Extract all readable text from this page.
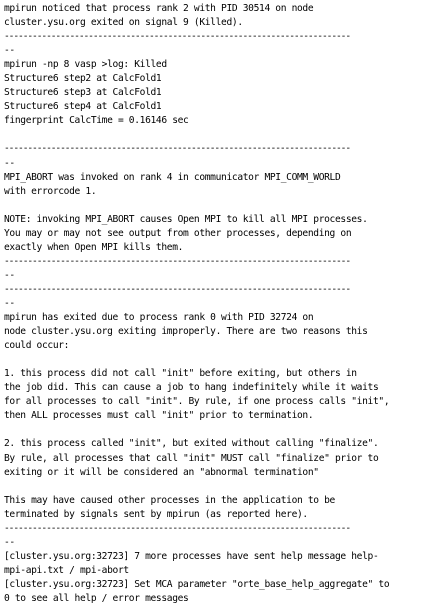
mpirun noticed that process rank 2 with PID 30514 on node
cluster.ysu.org exited on signal 9 (Killed).
--------------------------------------------------------------------------
--
mpirun -np 8 vasp >log: Killed
Structure6 step2 at CalcFold1
Structure6 step3 at CalcFold1
Structure6 step4 at CalcFold1
fingerprint CalcTime = 0.16146 sec
--------------------------------------------------------------------------
--
MPI_ABORT was invoked on rank 4 in communicator MPI_COMM_WORLD
with errorcode 1.
NOTE: invoking MPI_ABORT causes Open MPI to kill all MPI processes.
You may or may not see output from other processes, depending on
exactly when Open MPI kills them.
--------------------------------------------------------------------------
--
--------------------------------------------------------------------------
--
mpirun has exited due to process rank 0 with PID 32724 on
node cluster.ysu.org exiting improperly. There are two reasons this
could occur:
1. this process did not call "init" before exiting, but others in
the job did. This can cause a job to hang indefinitely while it waits
for all processes to call "init". By rule, if one process calls "init",
then ALL processes must call "init" prior to termination.
2. this process called "init", but exited without calling "finalize".
By rule, all processes that call "init" MUST call "finalize" prior to
exiting or it will be considered an "abnormal termination"
This may have caused other processes in the application to be
terminated by signals sent by mpirun (as reported here).
--------------------------------------------------------------------------
--
[cluster.ysu.org:32723] 7 more processes have sent help message help-
mpi-api.txt / mpi-abort
[cluster.ysu.org:32723] Set MCA parameter "orte_base_help_aggregate" to
0 to see all help / error messages
